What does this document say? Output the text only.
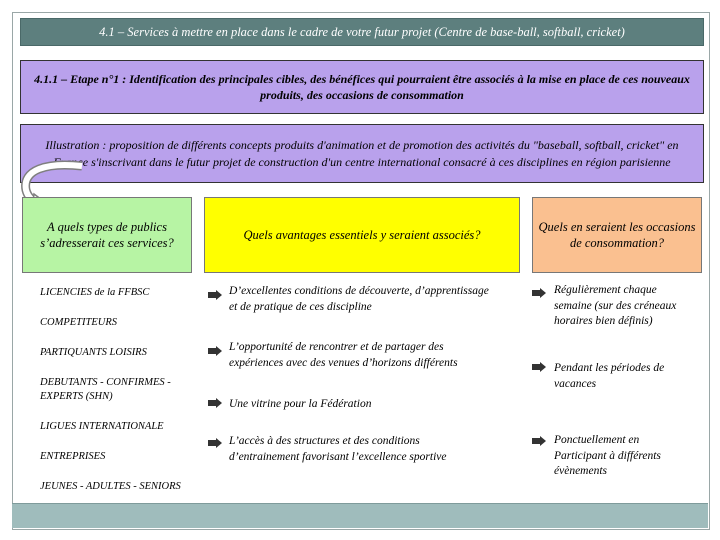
4.1 – Services à mettre en place dans le cadre de votre futur projet (Centre de base-ball, softball, cricket)
4.1.1 – Etape n°1 : Identification des principales cibles, des bénéfices qui pourraient être associés à la mise en place de ces nouveaux produits, des occasions de consommation
Illustration : proposition de différents concepts produits d'animation et de promotion des activités du "baseball, softball, cricket" en France s'inscrivant dans le futur projet de construction d'un centre international consacré à ces disciplines en région parisienne
A quels types de publics s’adresserait ces services?
Quels avantages essentiels y seraient associés?
Quels en seraient les occasions de consommation?
LICENCIES de la FFBSC
COMPETITEURS
PARTIQUANTS LOISIRS
DEBUTANTS - CONFIRMES - EXPERTS (SHN)
LIGUES INTERNATIONALE
ENTREPRISES
JEUNES - ADULTES - SENIORS
D’excellentes conditions de découverte, d’apprentissage et de pratique de ces discipline
L’opportunité de rencontrer et de partager des expériences avec des venues d’horizons différents
Une vitrine pour la Fédération
L’accès à des structures et des conditions d’entrainement favorisant l’excellence sportive
Régulièrement chaque semaine (sur des créneaux horaires bien définis)
Pendant les périodes de vacances
Ponctuellement en Participant à différents évènements
